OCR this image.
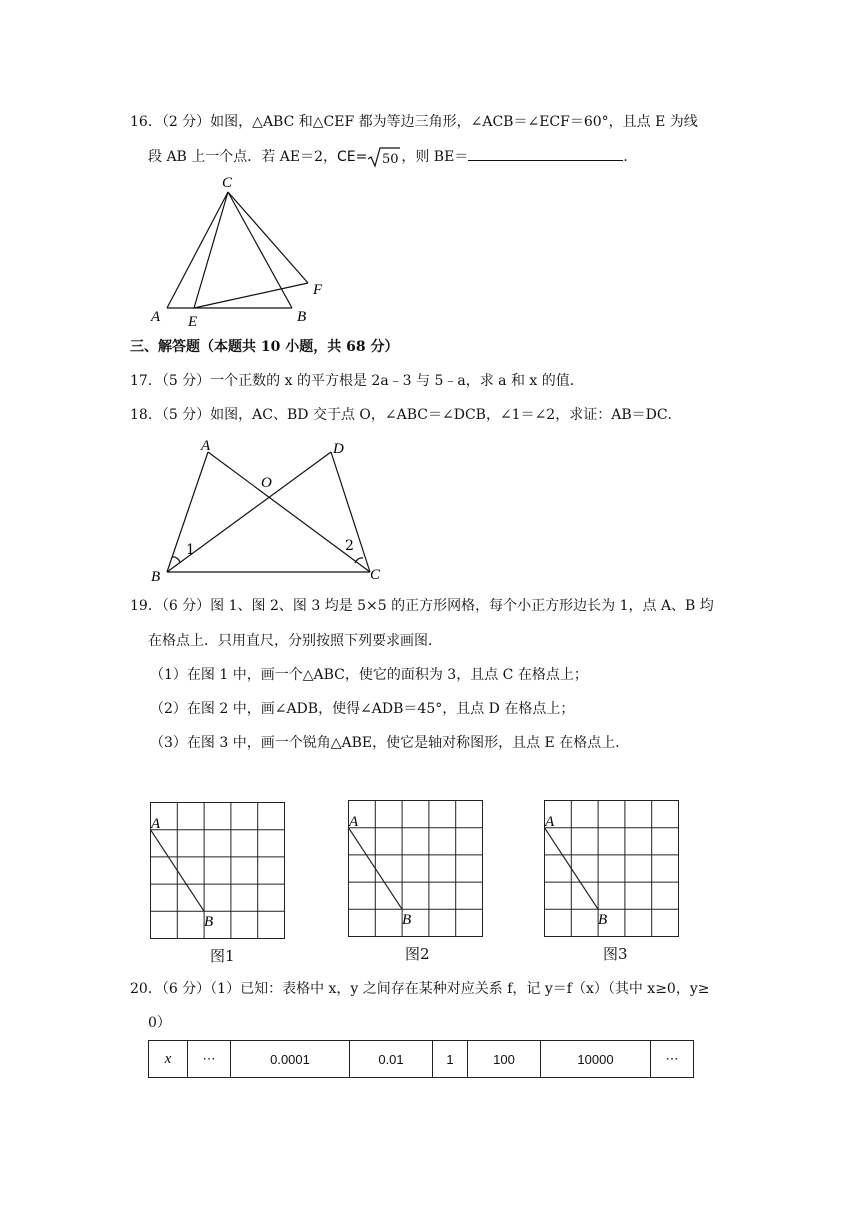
16．（2 分）如图，△ABC 和△CEF 都为等边三角形，∠ACB＝∠ECF＝60°，且点 E 为线
段 AB 上一个点．若 AE＝2，CE= 50 ，则 BE＝	．
C
A E	B
F
三、解答题（本题共 10 小题，共 68 分）
17．（5 分）一个正数的 x 的平方根是 2a﹣3 与 5﹣a，求 a 和 x 的值．
18．（5 分）如图，AC、BD 交于点 O，∠ABC＝∠DCB，∠1＝∠2，求证：AB＝DC．
A	D
O
B	C
1	2
19．（6 分）图 1、图 2、图 3 均是 5×5 的正方形网格，每个小正方形边长为 1，点 A、B 均
在格点上．只用直尺，分别按照下列要求画图．
（1）在图 1 中，画一个△ABC，使它的面积为 3，且点 C 在格点上；
（2）在图 2 中，画∠ADB，使得∠ADB＝45°，且点 D 在格点上；
（3）在图 3 中，画一个锐角△ABE，使它是轴对称图形，且点 E 在格点上．
A
B
图1
A
B
图2
A
B
图3
20．（6 分）（1）已知：表格中 x，y 之间存在某种对应关系 f，记 y＝f（x）（其中 x≥0，y≥
0）
x	⋯	0.0001	0.01	1	100	10000	⋯
